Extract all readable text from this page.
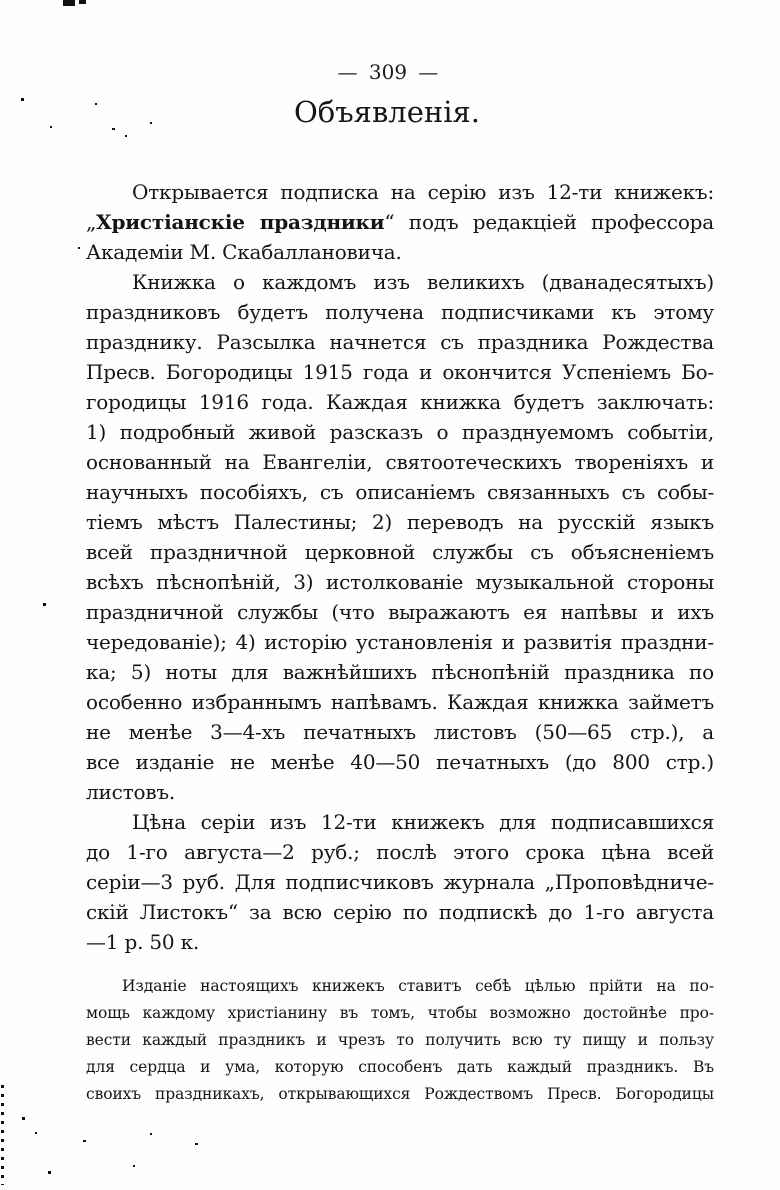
— 309 —
Объявленія.
Открывается подписка на серію изъ 12-ти книжекъ:
„Христіанскіе праздники“ подъ редакціей профессора
Академіи М. Скабаллановича.
Книжка о каждомъ изъ великихъ (дванадесятыхъ)
праздниковъ будетъ получена подписчиками къ этому
празднику. Разсылка начнется съ праздника Рождества
Пресв. Богородицы 1915 года и окончится Успеніемъ Бо-
городицы 1916 года. Каждая книжка будетъ заключать:
1) подробный живой разсказъ о празднуемомъ событіи,
основанный на Евангеліи, святоотеческихъ твореніяхъ и
научныхъ пособіяхъ, съ описаніемъ связанныхъ съ собы-
тіемъ мѣстъ Палестины; 2) переводъ на русскій языкъ
всей праздничной церковной службы съ объясненіемъ
всѣхъ пѣснопѣній, 3) истолкованіе музыкальной стороны
праздничной службы (что выражаютъ ея напѣвы и ихъ
чередованіе); 4) исторію установленія и развитія праздни-
ка; 5) ноты для важнѣйшихъ пѣснопѣній праздника по
особенно избраннымъ напѣвамъ. Каждая книжка займетъ
не менѣе 3—4-хъ печатныхъ листовъ (50—65 стр.), а
все изданіе не менѣе 40—50 печатныхъ (до 800 стр.)
листовъ.
Цѣна серіи изъ 12-ти книжекъ для подписавшихся
до 1-го августа—2 руб.; послѣ этого срока цѣна всей
серіи—3 руб. Для подписчиковъ журнала „Проповѣдниче-
скій Листокъ“ за всю серію по подпискѣ до 1-го августа
—1 р. 50 к.
Изданіе настоящихъ книжекъ ставитъ себѣ цѣлью прійти на по-
мощь каждому христіанину въ томъ, чтобы возможно достойнѣе про-
вести каждый праздникъ и чрезъ то получить всю ту пищу и пользу
для сердца и ума, которую способенъ дать каждый праздникъ. Въ
своихъ праздникахъ, открывающихся Рождествомъ Пресв. Богородицы
